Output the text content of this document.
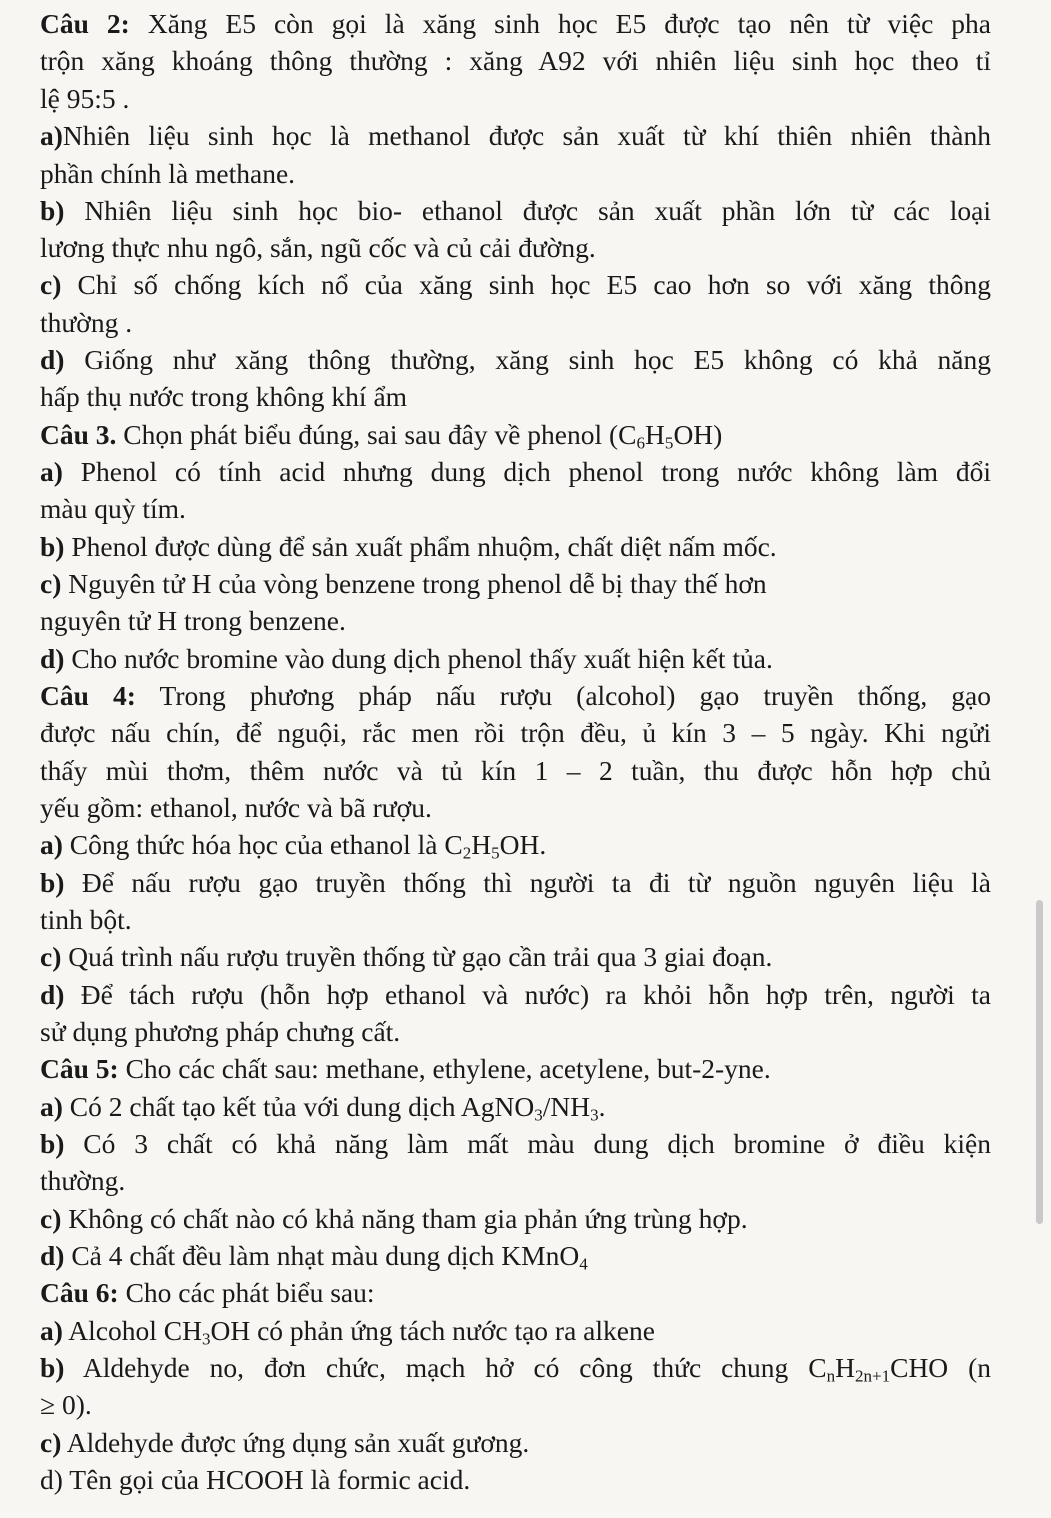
Câu 2: Xăng E5 còn gọi là xăng sinh học E5 được tạo nên từ việc pha
trộn xăng khoáng thông thường : xăng A92 với nhiên liệu sinh học theo tỉ
lệ 95:5 .
a)Nhiên liệu sinh học là methanol được sản xuất từ khí thiên nhiên thành
phần chính là methane.
b) Nhiên liệu sinh học bio- ethanol được sản xuất phần lớn từ các loại
lương thực nhu ngô, sắn, ngũ cốc và củ cải đường.
c) Chỉ số chống kích nổ của xăng sinh học E5 cao hơn so với xăng thông
thường .
d) Giống như xăng thông thường, xăng sinh học E5 không có khả năng
hấp thụ nước trong không khí ẩm
Câu 3. Chọn phát biểu đúng, sai sau đây về phenol $(C_6H_5OH)$
a) Phenol có tính acid nhưng dung dịch phenol trong nước không làm đổi
màu quỳ tím.
b) Phenol được dùng để sản xuất phẩm nhuộm, chất diệt nấm mốc.
c) Nguyên tử H của vòng benzene trong phenol dễ bị thay thế hơn
nguyên tử H trong benzene.
d) Cho nước bromine vào dung dịch phenol thấy xuất hiện kết tủa.
Câu 4: Trong phương pháp nấu rượu (alcohol) gạo truyền thống, gạo
được nấu chín, để nguội, rắc men rồi trộn đều, ủ kín 3 – 5 ngày. Khi ngửi
thấy mùi thơm, thêm nước và tủ kín 1 – 2 tuần, thu được hỗn hợp chủ
yếu gồm: ethanol, nước và bã rượu.
a) Công thức hóa học của ethanol là $C_2H_5OH$.
b) Để nấu rượu gạo truyền thống thì người ta đi từ nguồn nguyên liệu là
tinh bột.
c) Quá trình nấu rượu truyền thống từ gạo cần trải qua 3 giai đoạn.
d) Để tách rượu (hỗn hợp ethanol và nước) ra khỏi hỗn hợp trên, người ta
sử dụng phương pháp chưng cất.
Câu 5: Cho các chất sau: methane, ethylene, acetylene, but-2-yne.
a) Có 2 chất tạo kết tủa với dung dịch $AgNO_3/NH_3$.
b) Có 3 chất có khả năng làm mất màu dung dịch bromine ở điều kiện
thường.
c) Không có chất nào có khả năng tham gia phản ứng trùng hợp.
d) Cả 4 chất đều làm nhạt màu dung dịch KMnO$_4$
Câu 6: Cho các phát biểu sau:
a) Alcohol $CH_3OH$ có phản ứng tách nước tạo ra alkene
b) Aldehyde no, đơn chức, mạch hở có công thức chung $C_nH_{2n+1}CHO$ (n
≥ 0).
c) Aldehyde được ứng dụng sản xuất gương.
d) Tên gọi của HCOOH là formic acid.
